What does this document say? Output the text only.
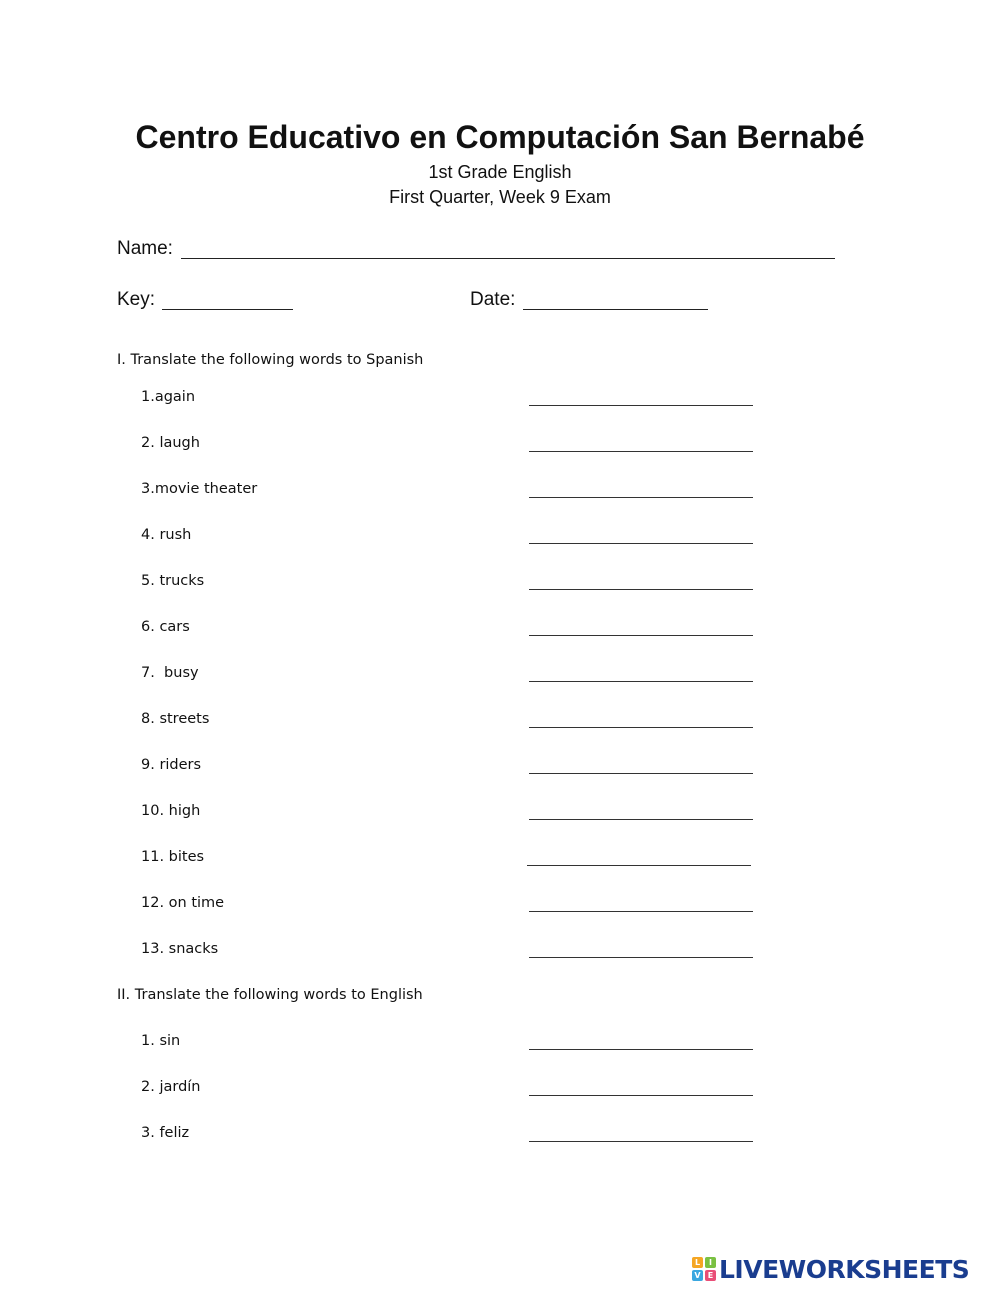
Centro Educativo en Computación San Bernabé
1st Grade English
First Quarter, Week 9 Exam
Name:
Key:	Date:
I. Translate the following words to Spanish
1.again
2. laugh
3.movie theater
4. rush
5. trucks
6. cars
7.  busy
8. streets
9. riders
10. high
11. bites
12. on time
13. snacks
II. Translate the following words to English
1. sin
2. jardín
3. feliz
L	I
V E LIVEWORKSHEETS
